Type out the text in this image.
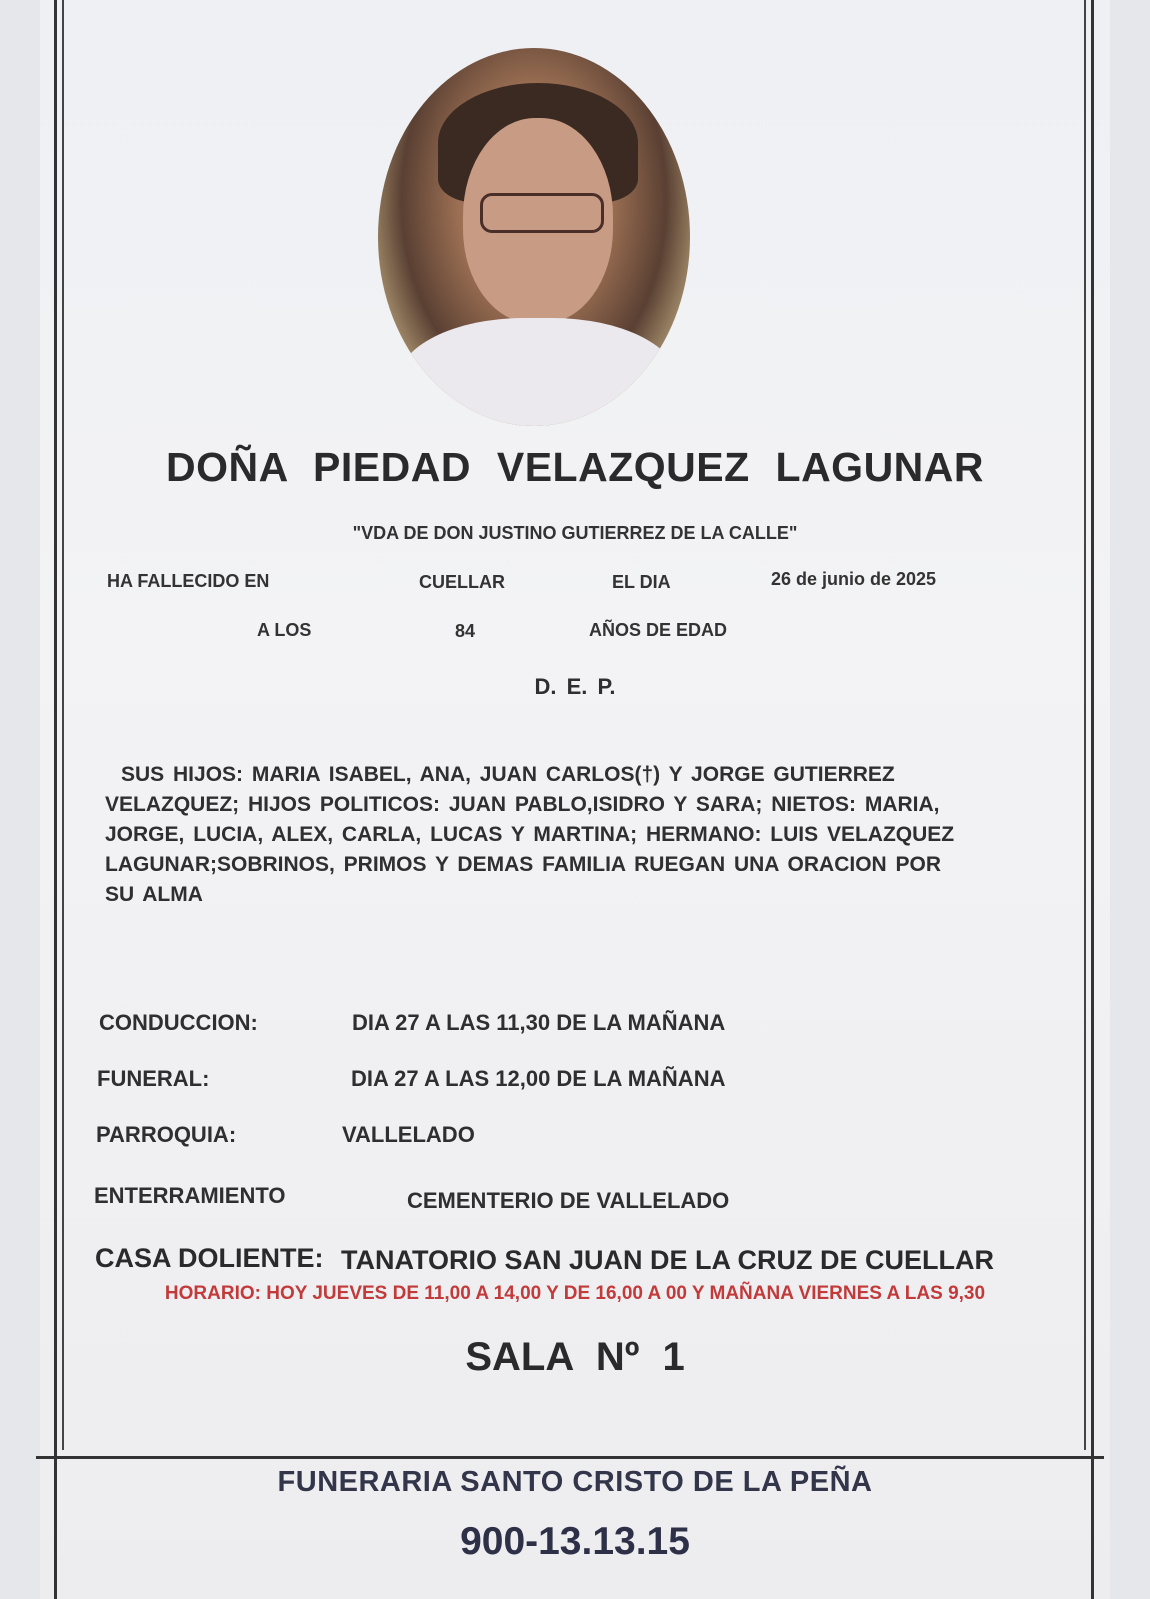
DOÑA PIEDAD VELAZQUEZ LAGUNAR
"VDA DE DON JUSTINO GUTIERREZ DE LA CALLE"
HA FALLECIDO EN	CUELLAR	EL DIA	26 de junio de 2025
A LOS	84	AÑOS DE EDAD
D. E. P.
SUS HIJOS: MARIA ISABEL, ANA, JUAN CARLOS(†) Y JORGE GUTIERREZ
VELAZQUEZ; HIJOS POLITICOS: JUAN PABLO,ISIDRO Y SARA; NIETOS: MARIA,
JORGE, LUCIA, ALEX, CARLA, LUCAS Y MARTINA; HERMANO: LUIS VELAZQUEZ
LAGUNAR;SOBRINOS, PRIMOS Y DEMAS FAMILIA RUEGAN UNA ORACION POR
SU ALMA
CONDUCCION:	DIA 27 A LAS 11,30 DE LA MAÑANA
FUNERAL:	DIA 27 A LAS 12,00 DE LA MAÑANA
PARROQUIA:	VALLELADO
ENTERRAMIENTO	CEMENTERIO DE VALLELADO
CASA DOLIENTE: TANATORIO SAN JUAN DE LA CRUZ DE CUELLAR
HORARIO: HOY JUEVES DE 11,00 A 14,00 Y DE 16,00 A 00 Y MAÑANA VIERNES A LAS 9,30
SALA Nº 1
FUNERARIA SANTO CRISTO DE LA PEÑA
900-13.13.15
